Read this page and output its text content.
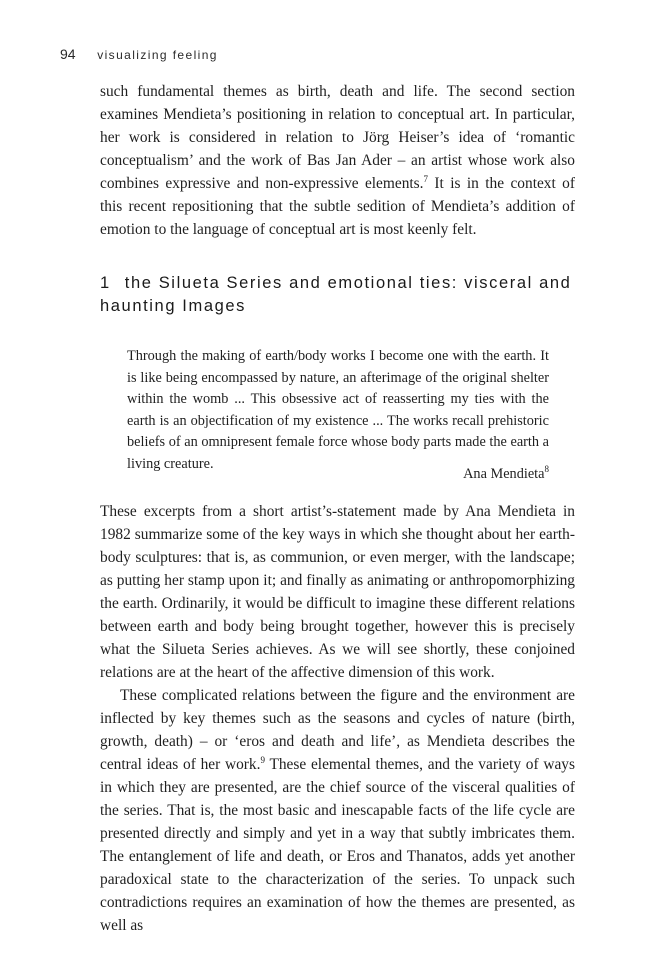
94 visualizing feeling

such fundamental themes as birth, death and life. The second section examines Mendieta’s positioning in relation to conceptual art. In particular, her work is considered in relation to Jörg Heiser’s idea of ‘romantic conceptualism’ and the work of Bas Jan Ader – an artist whose work also combines expressive and non-expressive elements.$^7$ It is in the context of this recent repositioning that the subtle sedition of Mendieta’s addition of emotion to the language of conceptual art is most keenly felt.

1 the Silueta Series and emotional ties: visceral and haunting Images

Through the making of earth/body works I become one with the earth. It is like being encompassed by nature, an afterimage of the original shelter within the womb ... This obsessive act of reasserting my ties with the earth is an objectification of my existence ... The works recall prehistoric beliefs of an omnipresent female force whose body parts made the earth a living creature.

Ana Mendieta$^8$

These excerpts from a short artist’s-statement made by Ana Mendieta in 1982 summarize some of the key ways in which she thought about her earth-body sculptures: that is, as communion, or even merger, with the landscape; as putting her stamp upon it; and finally as animating or anthropomorphizing the earth. Ordinarily, it would be difficult to imagine these different relations between earth and body being brought together, however this is precisely what the Silueta Series achieves. As we will see shortly, these conjoined relations are at the heart of the affective dimension of this work.

These complicated relations between the figure and the environment are inflected by key themes such as the seasons and cycles of nature (birth, growth, death) – or ‘eros and death and life’, as Mendieta describes the central ideas of her work.$^9$ These elemental themes, and the variety of ways in which they are presented, are the chief source of the visceral qualities of the series. That is, the most basic and inescapable facts of the life cycle are presented directly and simply and yet in a way that subtly imbricates them. The entanglement of life and death, or Eros and Thanatos, adds yet another paradoxical state to the characterization of the series. To unpack such contradictions requires an examination of how the themes are presented, as well as
